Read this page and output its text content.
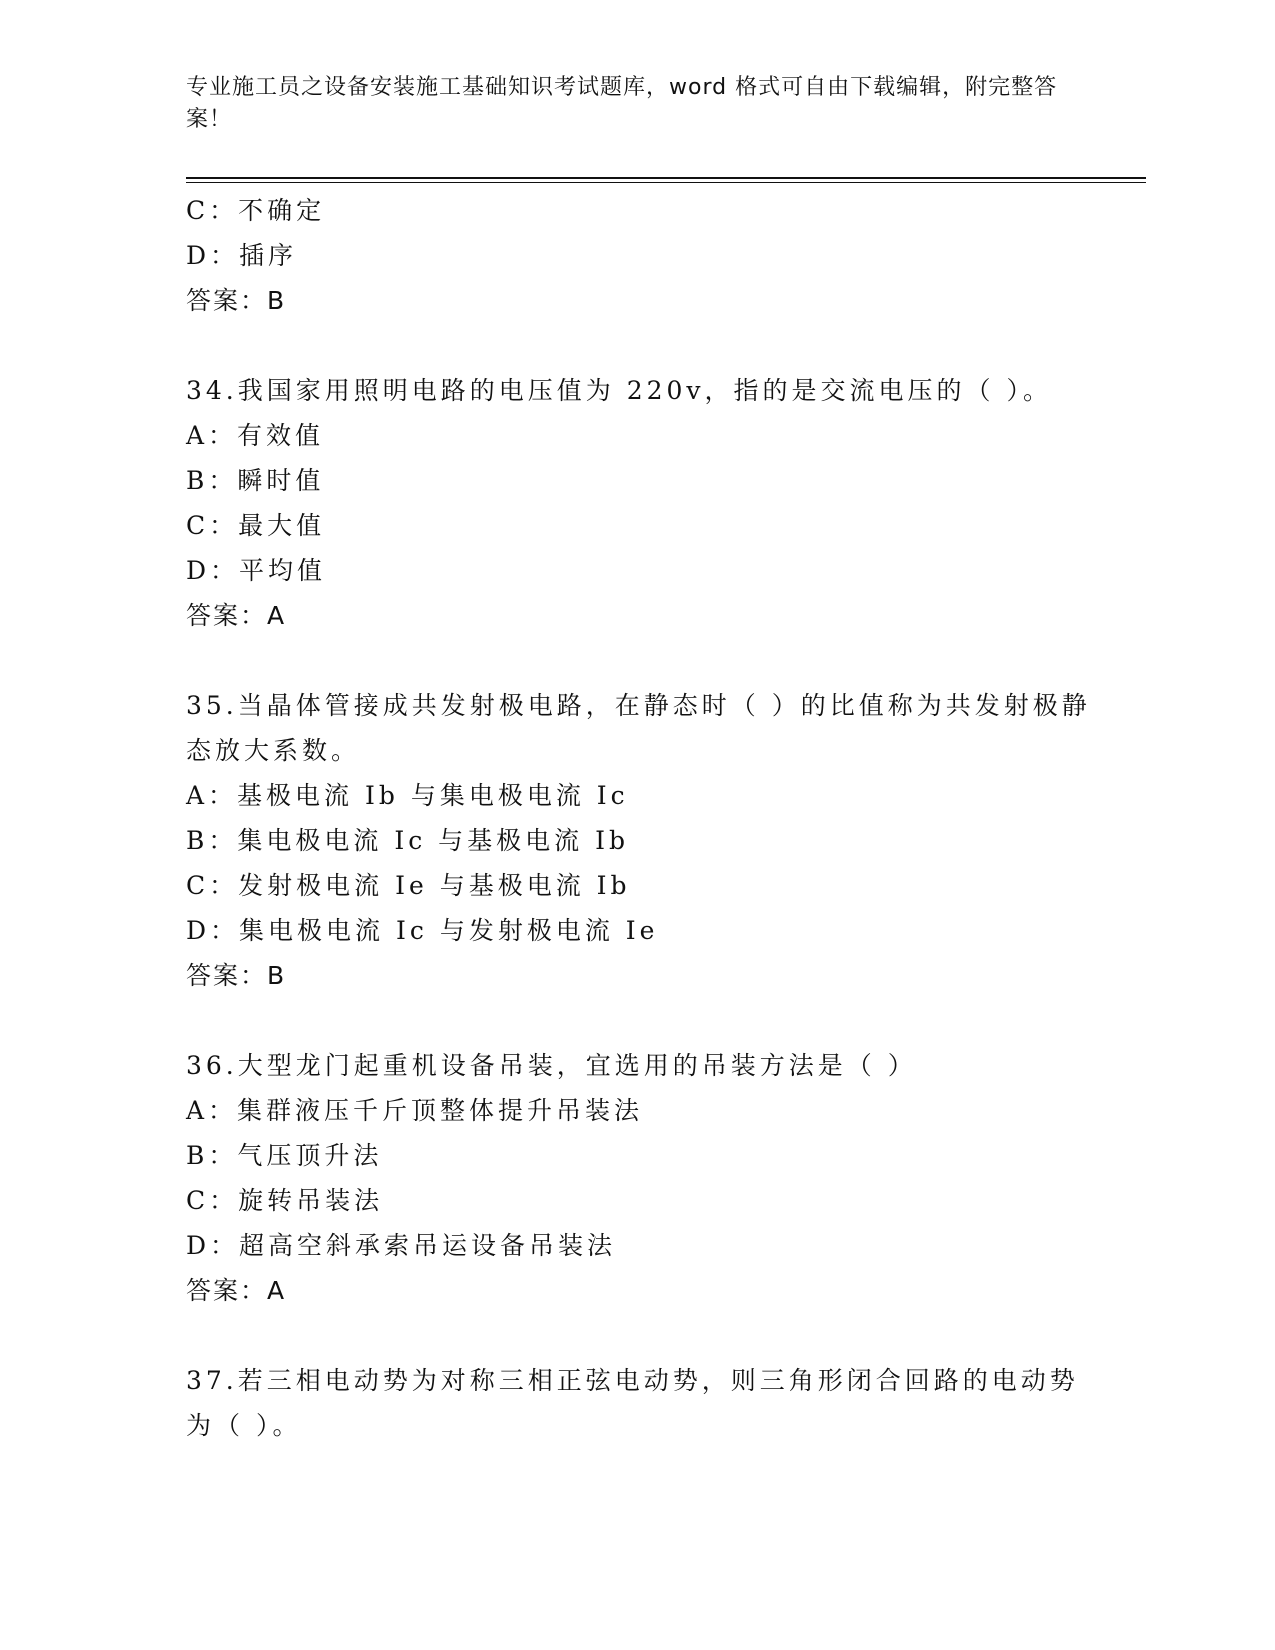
专业施工员之设备安装施工基础知识考试题库，word 格式可自由下载编辑，附完整答案！
C：不确定
D：插序
答案：B
34.我国家用照明电路的电压值为 220v，指的是交流电压的（ ）。
A：有效值
B：瞬时值
C：最大值
D：平均值
答案：A
35.当晶体管接成共发射极电路，在静态时（ ）的比值称为共发射极静态放大系数。
A：基极电流 Ib 与集电极电流 Ic
B：集电极电流 Ic 与基极电流 Ib
C：发射极电流 Ie 与基极电流 Ib
D：集电极电流 Ic 与发射极电流 Ie
答案：B
36.大型龙门起重机设备吊装，宜选用的吊装方法是（ ）
A：集群液压千斤顶整体提升吊装法
B：气压顶升法
C：旋转吊装法
D：超高空斜承索吊运设备吊装法
答案：A
37.若三相电动势为对称三相正弦电动势，则三角形闭合回路的电动势为（ ）。
